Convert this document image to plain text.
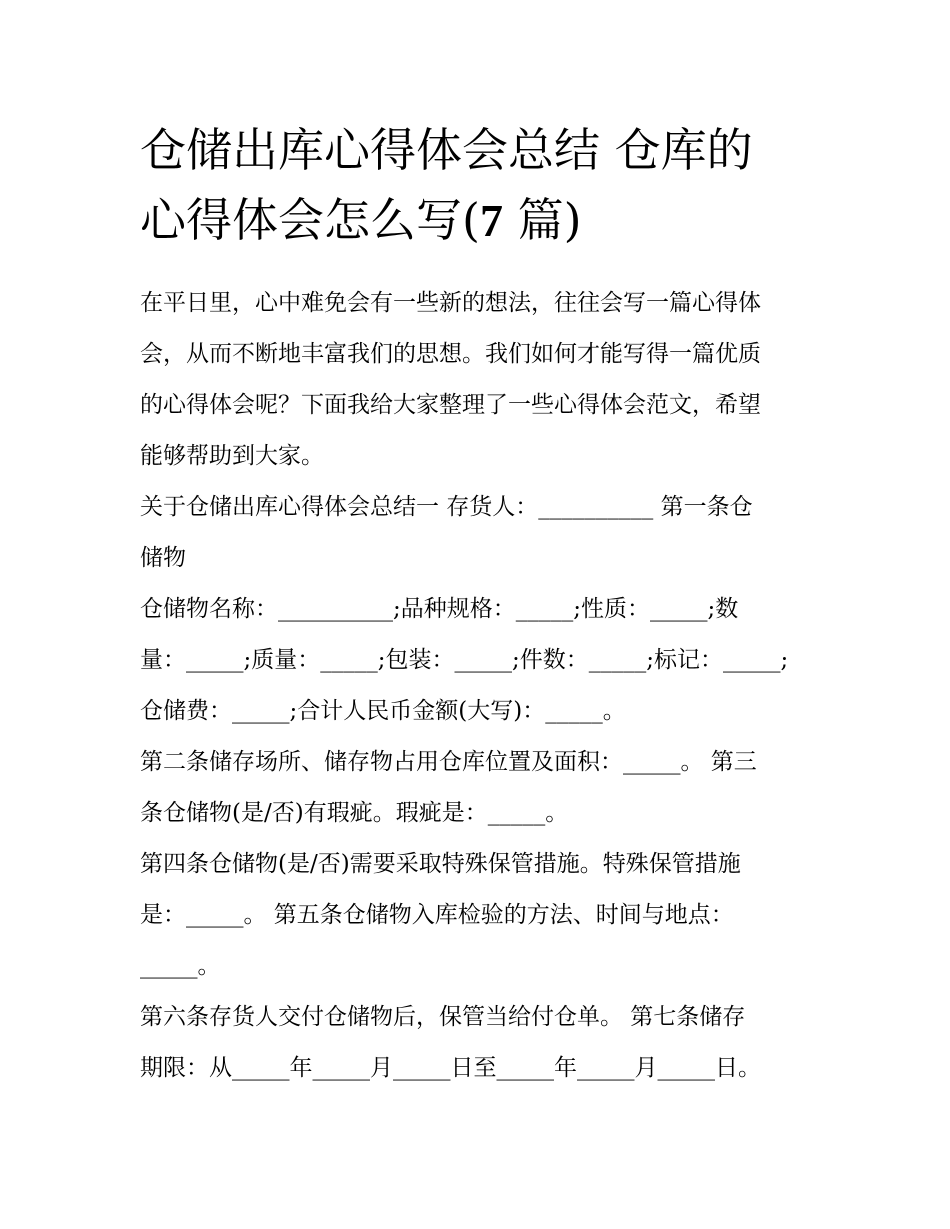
仓储出库心得体会总结 仓库的
心得体会怎么写(7 篇)
在平日里，心中难免会有一些新的想法，往往会写一篇心得体
会，从而不断地丰富我们的思想。我们如何才能写得一篇优质
的心得体会呢？下面我给大家整理了一些心得体会范文，希望
能够帮助到大家。
关于仓储出库心得体会总结一 存货人：__________ 第一条仓
储物
仓储物名称：__________;品种规格：_____;性质：_____;数
量：_____;质量：_____;包装：_____;件数：_____;标记：_____;
仓储费：_____;合计人民币金额(大写)：_____。
第二条储存场所、储存物占用仓库位置及面积：_____。 第三
条仓储物(是/否)有瑕疵。瑕疵是：_____。
第四条仓储物(是/否)需要采取特殊保管措施。特殊保管措施
是：_____。 第五条仓储物入库检验的方法、时间与地点：
_____。
第六条存货人交付仓储物后，保管当给付仓单。 第七条储存
期限：从_____年_____月_____日至_____年_____月_____日。
